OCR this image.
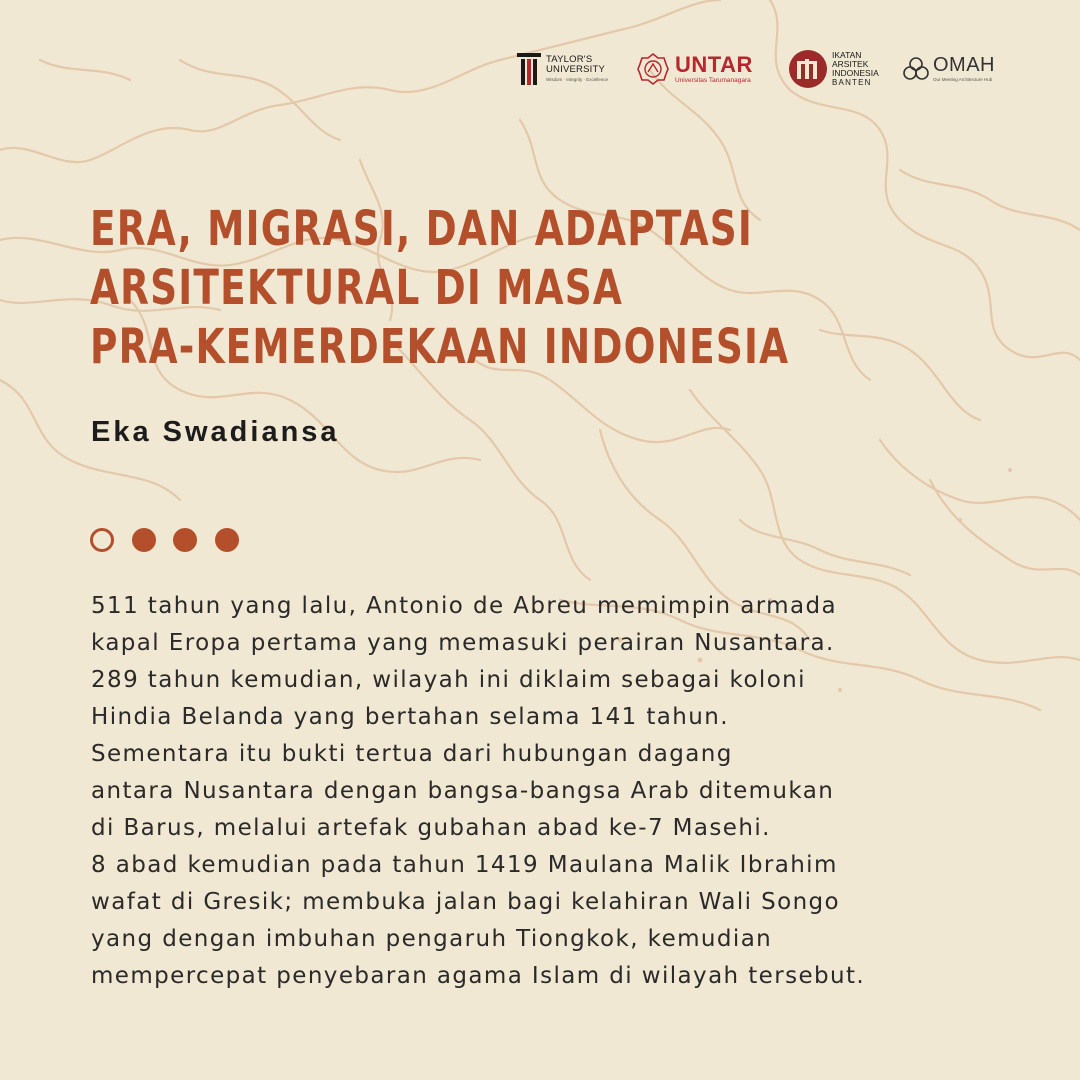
TAYLOR'S
UNIVERSITY
Wisdom · Integrity · Excellence
UNTAR
Universitas Tarumanagara
IKATAN
ARSITEK
INDONESIA
BANTEN
OMAH
Our Meeting Architecture Hub
ERA, MIGRASI, DAN ADAPTASI
ARSITEKTURAL DI MASA
PRA-KEMERDEKAAN INDONESIA
Eka Swadiansa
511 tahun yang lalu, Antonio de Abreu memimpin armada
kapal Eropa pertama yang memasuki perairan Nusantara.
289 tahun kemudian, wilayah ini diklaim sebagai koloni
Hindia Belanda yang bertahan selama 141 tahun.
Sementara itu bukti tertua dari hubungan dagang
antara Nusantara dengan bangsa-bangsa Arab ditemukan
di Barus, melalui artefak gubahan abad ke-7 Masehi.
8 abad kemudian pada tahun 1419 Maulana Malik Ibrahim
wafat di Gresik; membuka jalan bagi kelahiran Wali Songo
yang dengan imbuhan pengaruh Tiongkok, kemudian
mempercepat penyebaran agama Islam di wilayah tersebut.
